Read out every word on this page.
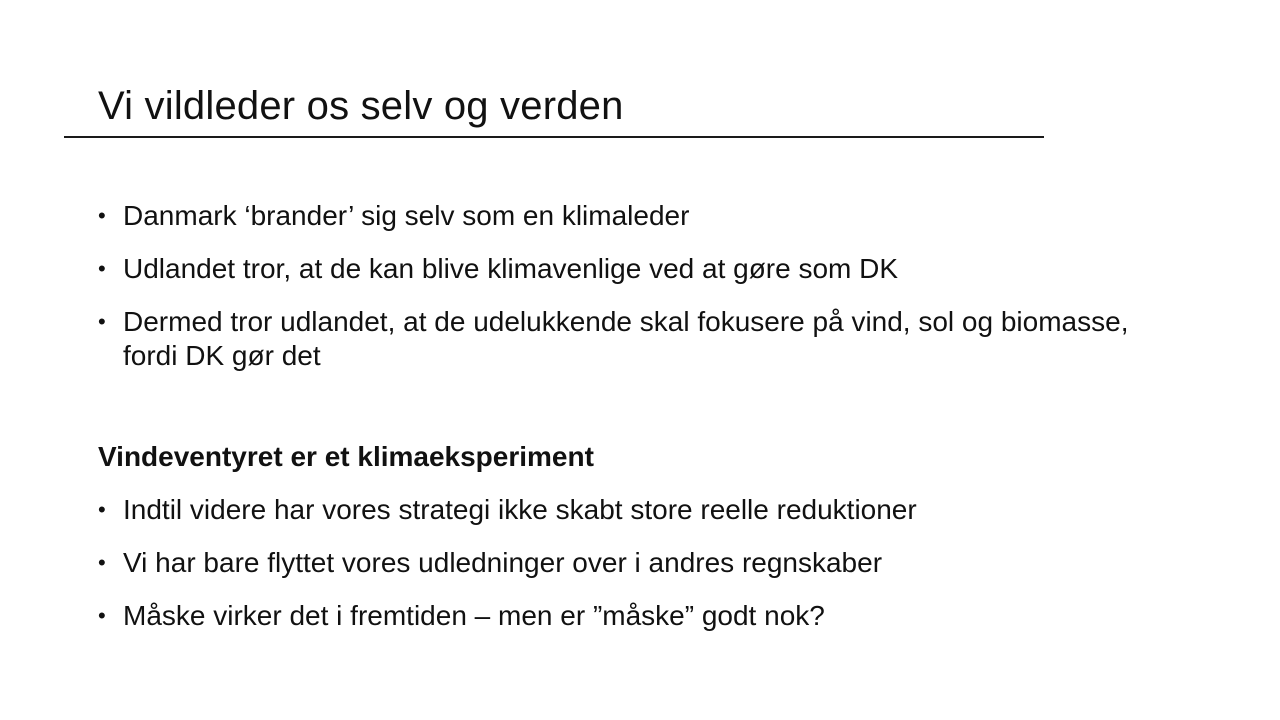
Vi vildleder os selv og verden
• Danmark ‘brander’ sig selv som en klimaleder
• Udlandet tror, at de kan blive klimavenlige ved at gøre som DK
• Dermed tror udlandet, at de udelukkende skal fokusere på vind, sol og biomasse, fordi DK gør det
Vindeventyret er et klimaeksperiment
• Indtil videre har vores strategi ikke skabt store reelle reduktioner
• Vi har bare flyttet vores udledninger over i andres regnskaber
• Måske virker det i fremtiden – men er ”måske” godt nok?
